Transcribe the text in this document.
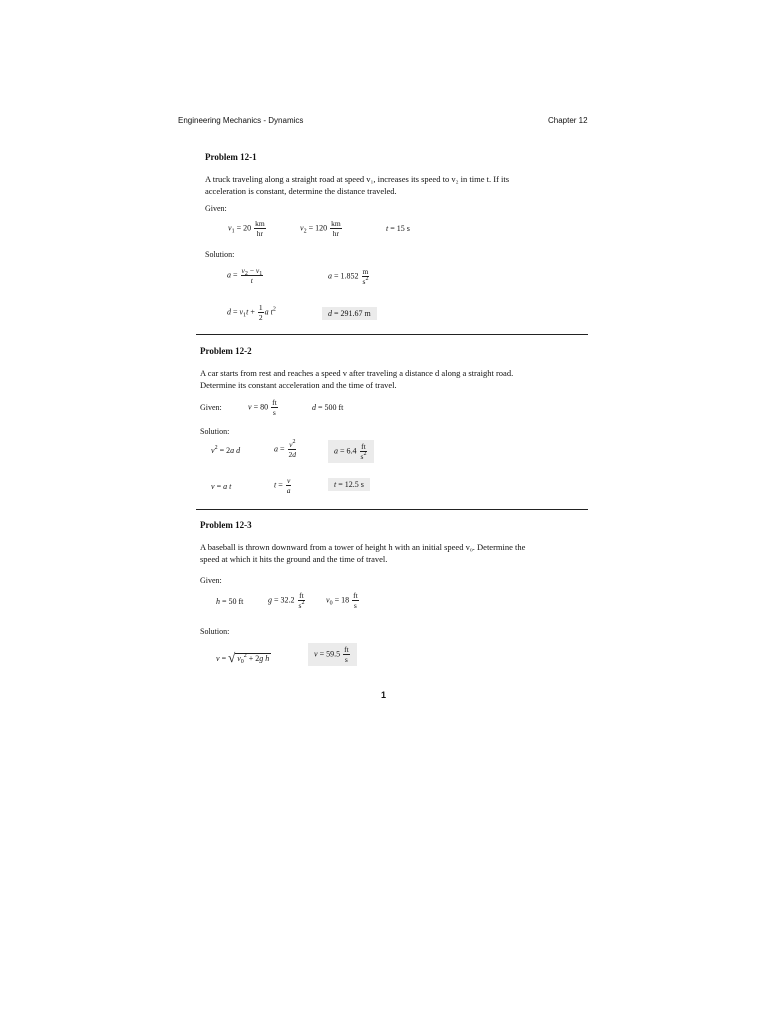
Engineering Mechanics - Dynamics	Chapter 12
Problem 12-1
A truck traveling along a straight road at speed v₁, increases its speed to v₂ in time t. If its acceleration is constant, determine the distance traveled.
Given:
$v_1 = 20 \frac{km}{hr}$	$v_2 = 120 \frac{km}{hr}$	t = 15 s
Solution:
$a = \frac{v_2 - v_1}{t}$	$a = 1.852 \frac{m}{s^2}$
$d = v_1t + \frac{1}{2}$ a $t^2$	d = 291.67 m
Problem 12-2
A car starts from rest and reaches a speed v after traveling a distance d along a straight road. Determine its constant acceleration and the time of travel.
Given:	$v = 80 \frac{ft}{s}$	d = 500 ft
Solution:
$v^2 = 2a$ d	$a = \frac{v^2}{2d}$	$a = 6.4 \frac{ft}{s^2}$
v = a t	$t = \frac{v}{a}$	t = 12.5 s
Problem 12-3
A baseball is thrown downward from a tower of height h with an initial speed v₀. Determine the speed at which it hits the ground and the time of travel.
Given:
h = 50 ft	$g = 32.2 \frac{ft}{s^2}$	$v_0 = 18 \frac{ft}{s}$
Solution:
v = √ $v_0^2 + 2g$ h
$v = 59.5 \frac{ft}{s}$
1
